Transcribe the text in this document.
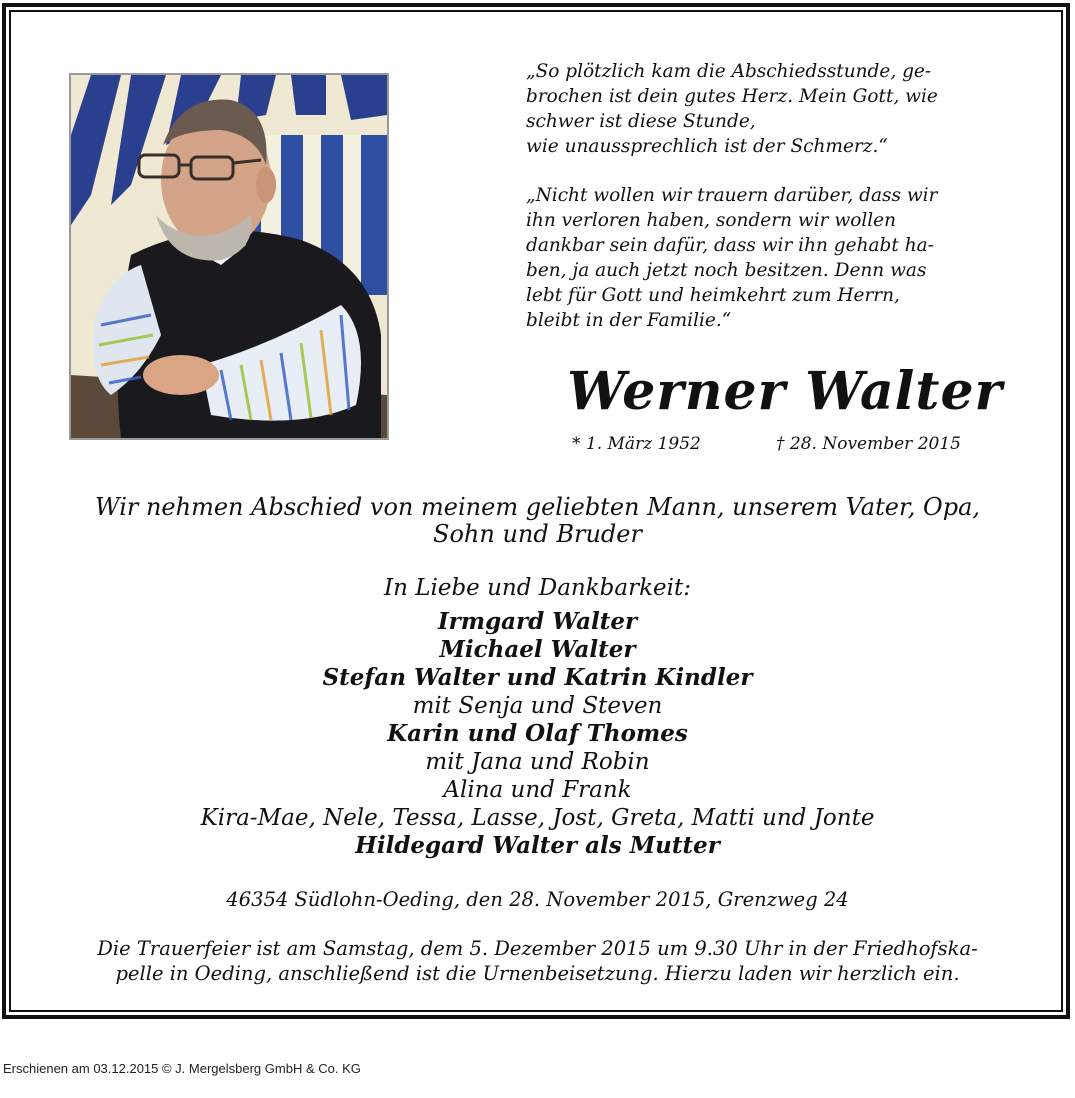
„So plötzlich kam die Abschiedsstunde, ge-
brochen ist dein gutes Herz. Mein Gott, wie
schwer ist diese Stunde,
wie unaussprechlich ist der Schmerz.“
„Nicht wollen wir trauern darüber, dass wir
ihn verloren haben, sondern wir wollen
dankbar sein dafür, dass wir ihn gehabt ha-
ben, ja auch jetzt noch besitzen. Denn was
lebt für Gott und heimkehrt zum Herrn,
bleibt in der Familie.“
Werner Walter
* 1. März 1952	† 28. November 2015
Wir nehmen Abschied von meinem geliebten Mann, unserem Vater, Opa,
Sohn und Bruder
In Liebe und Dankbarkeit:
Irmgard Walter
Michael Walter
Stefan Walter und Katrin Kindler
mit Senja und Steven
Karin und Olaf Thomes
mit Jana und Robin
Alina und Frank
Kira-Mae, Nele, Tessa, Lasse, Jost, Greta, Matti und Jonte
Hildegard Walter als Mutter
46354 Südlohn-Oeding, den 28. November 2015, Grenzweg 24
Die Trauerfeier ist am Samstag, dem 5. Dezember 2015 um 9.30 Uhr in der Friedhofska-
pelle in Oeding, anschließend ist die Urnenbeisetzung. Hierzu laden wir herzlich ein.
Erschienen am 03.12.2015 © J. Mergelsberg GmbH & Co. KG
